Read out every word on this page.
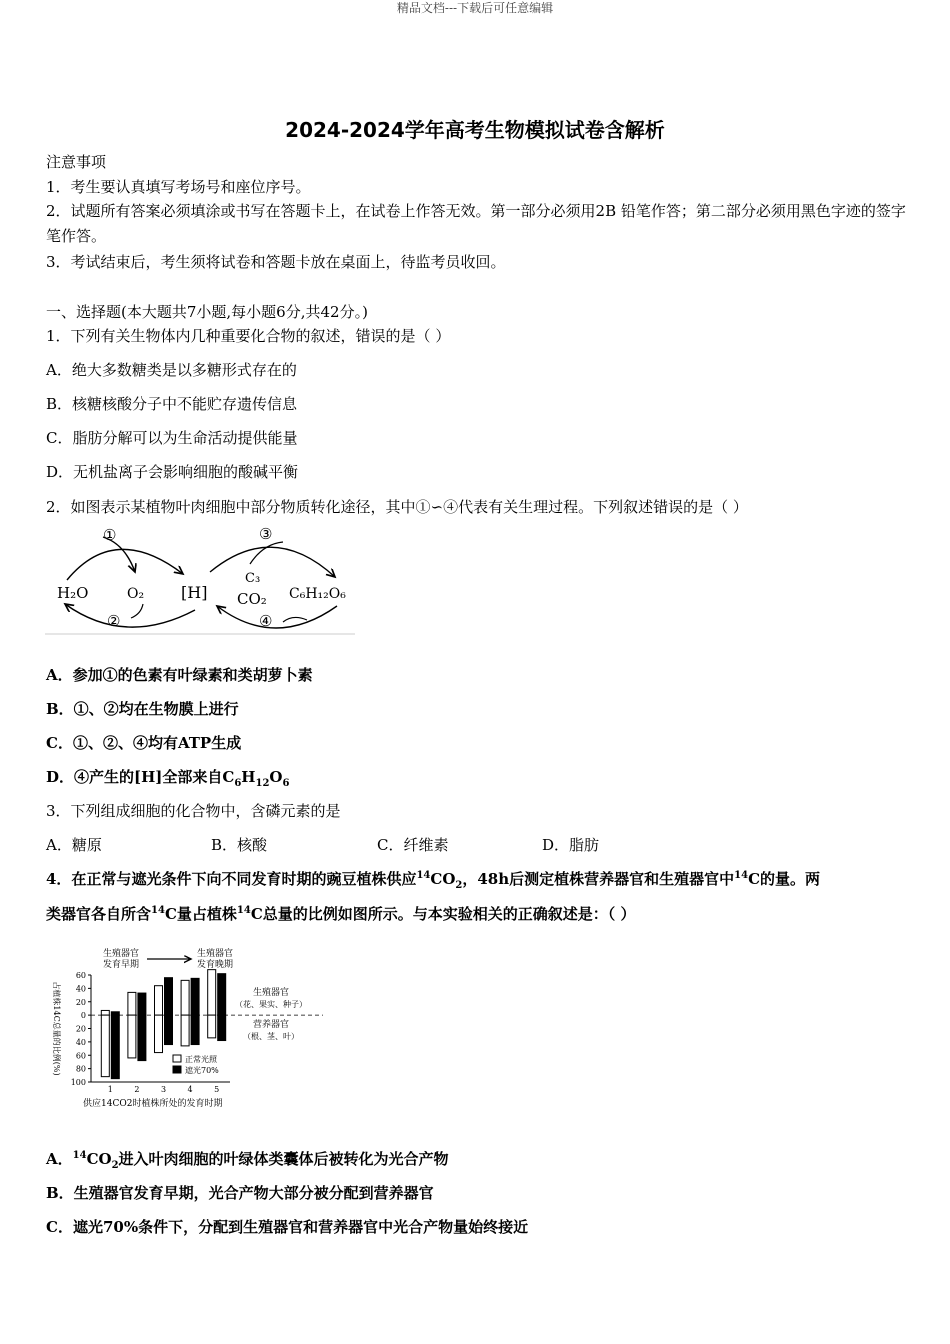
精品文档---下载后可任意编辑
2024-2024学年高考生物模拟试卷含解析
注意事项
1．考生要认真填写考场号和座位序号。
2．试题所有答案必须填涂或书写在答题卡上，在试卷上作答无效。第一部分必须用2B 铅笔作答；第二部分必须用黑色字迹的签字笔作答。
3．考试结束后，考生须将试卷和答题卡放在桌面上，待监考员收回。
一、选择题(本大题共7小题,每小题6分,共42分。)
1．下列有关生物体内几种重要化合物的叙述，错误的是（ ）
A．绝大多数糖类是以多糖形式存在的
B．核糖核酸分子中不能贮存遗传信息
C．脂肪分解可以为生命活动提供能量
D．无机盐离子会影响细胞的酸碱平衡
2．如图表示某植物叶肉细胞中部分物质转化途径，其中①∽④代表有关生理过程。下列叙述错误的是（ ）
①
H₂O	O₂ [H]
②
③
C₃
CO₂ C₆H₁₂O₆
④
A．参加①的色素有叶绿素和类胡萝卜素
B．①、②均在生物膜上进行
C．①、②、④均有ATP生成
D．④产生的[H]全部来自$C_6H_{12}O_6$
3．下列组成细胞的化合物中，含磷元素的是
A．糖原	B．核酸	C．纤维素	D．脂肪
4．在正常与遮光条件下向不同发育时期的豌豆植株供应$^{14}CO_2$，48h后测定植株营养器官和生殖器官中$^{14}$C的量。两
类器官各自所含$^{14}$C量占植株$^{14}$C总量的比例如图所示。与本实验相关的正确叙述是：（ ）
生殖器官
发育早期
生殖器官
发育晚期
60
40
20
0
20
40
60
80
100
1	2	3	4	5
占植株14C总量的比例(%)
供应14CO2时植株所处的发育时期
生殖器官
（花、果实、种子）
营养器官
（根、茎、叶）
正常光照
遮光70%
A．$^{14}CO_2$进入叶肉细胞的叶绿体类囊体后被转化为光合产物
B．生殖器官发育早期，光合产物大部分被分配到营养器官
C．遮光70%条件下，分配到生殖器官和营养器官中光合产物量始终接近
